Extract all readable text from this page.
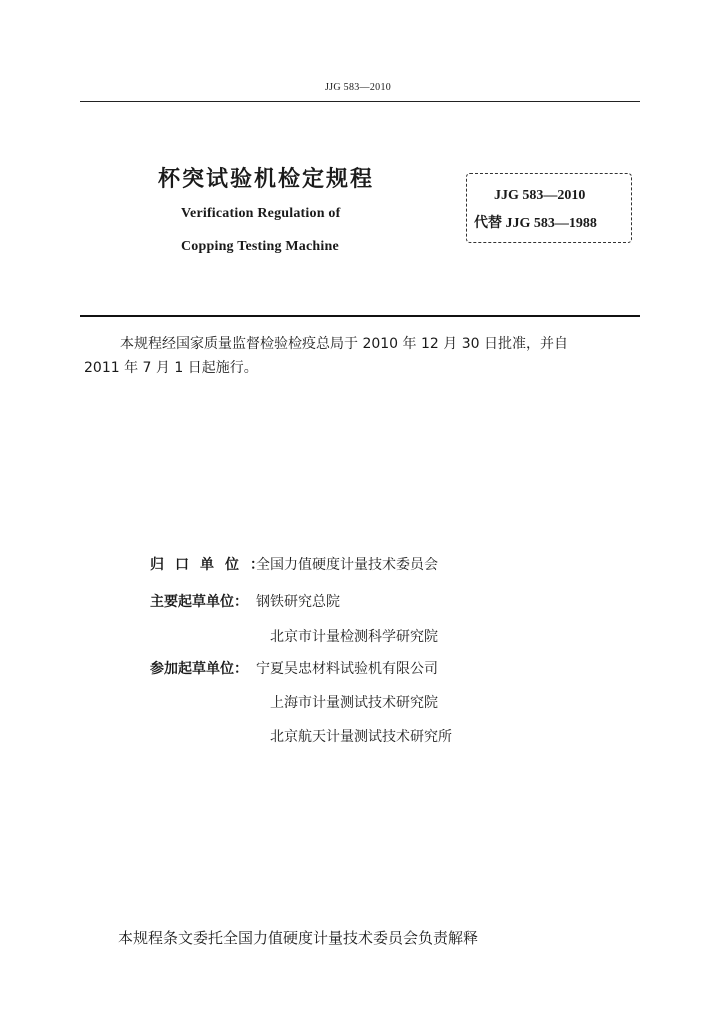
JJG 583—2010
杯突试验机检定规程
Verification Regulation of
Copping Testing Machine
JJG 583—2010
代替 JJG 583—1988
本规程经国家质量监督检验检疫总局于 2010 年 12 月 30 日批准，并自
2011 年 7 月 1 日起施行。
归口单位：
全国力值硬度计量技术委员会
主要起草单位： 钢铁研究总院
北京市计量检测科学研究院
参加起草单位： 宁夏吴忠材料试验机有限公司
上海市计量测试技术研究院
北京航天计量测试技术研究所
本规程条文委托全国力值硬度计量技术委员会负责解释
